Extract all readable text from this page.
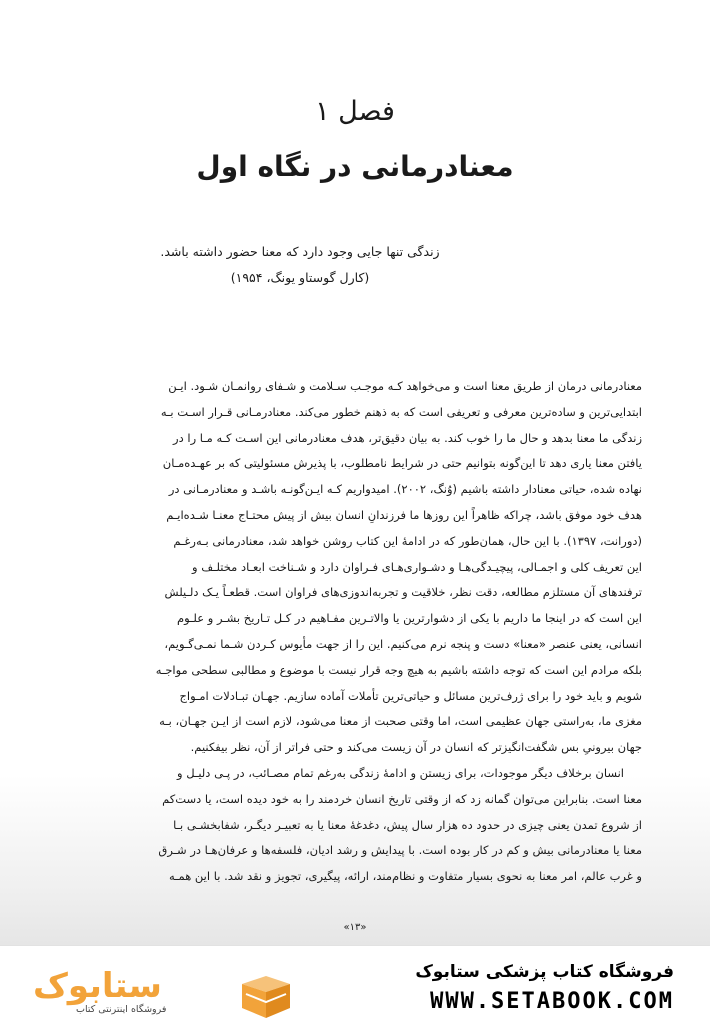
فصل ۱
معنادرمانی در نگاه اول
زندگی تنها جایی وجود دارد که معنا حضور داشته باشد.
(کارل گوستاو یونگ، ۱۹۵۴)
معنادرمانی درمان از طریق معنا است و می‌خواهد کـه موجـب سـلامت و شـفای روانمـان شـود. ایـن
ابتدایی‌ترین و ساده‌ترین معرفی و تعریفی است که به ذهنم خطور می‌کند. معنادرمـانی قـرار اسـت بـه
زندگی ما معنا بدهد و حال ما را خوب کند. به بیان دقیق‌تر، هدف معنادرمانی این اسـت کـه مـا را در
یافتن معنا یاری دهد تا این‌گونه بتوانیم حتی در شرایط نامطلوب، با پذیرش مسئولیتی که بر عهـده‌مـان
نهاده شده، حیاتی معنادار داشته باشیم (وُنگ، ۲۰۰۲). امیدواریم کـه ایـن‌گونـه باشـد و معنادرمـانی در
هدف خود موفق باشد، چراکه ظاهراً این روزها ما فرزندانِ انسان بیش از پیش محتـاج معنـا شـده‌ایـم
(دورانت، ۱۳۹۷). با این حال، همان‌طور که در ادامهٔ این کتاب روشن خواهد شد، معنادرمانی بـه‌رغـم
این تعریف کلی و اجمـالی، پیچیـدگی‌هـا و دشـواری‌هـای فـراوان دارد و شـناخت ابعـاد مختلـف و
ترفندهای آن مستلزم مطالعه، دقت نظر، خلاقیت و تجربه‌اندوزی‌های فراوان است. قطعـاً یـک دلـیلش
این است که در اینجا ما داریم با یکی از دشوارترین یا والاتـرین مفـاهیم در کـل تـاریخ بشـر و علـوم
انسانی، یعنی عنصر «معنا» دست و پنجه نرم می‌کنیم. این را از جهت مأیوس کـردن شـما نمـی‌گـویم،
بلکه مرادم این است که توجه داشته باشیم به هیچ وجه قرار نیست با موضوع و مطالبی سطحی مواجـه
شویم و باید خود را برای ژرف‌ترین مسائل و حیاتی‌ترین تأملات آماده سازیم. جهـان تبـادلات امـواج
مغزی ما، به‌راستی جهان عظیمی است، اما وقتی صحبت از معنا می‌شود، لازم است از ایـن جهـان، بـه
جهان بیرونیِ بس شگفت‌انگیزتر که انسان در آن زیست می‌کند و حتی فراتر از آن، نظر بیفکنیم.
انسان برخلاف دیگر موجودات، برای زیستن و ادامهٔ زندگی به‌رغم تمام مصـائب، در پـی دلیـل و
معنا است. بنابراین می‌توان گمانه زد که از وقتی تاریخ انسان خردمند را به خود دیده است، یا دست‌کم
از شروع تمدن یعنی چیزی در حدود ده هزار سال پیش، دغدغهٔ معنا یا به تعبیـر دیگـر، شفابخشـی بـا
معنا یا معنادرمانی بیش و کم در کار بوده است. با پیدایش و رشد ادیان، فلسفه‌ها و عرفان‌هـا در شـرق
و غرب عالم، امر معنا به نحوی بسیار متفاوت و نظام‌مند، ارائه، پیگیری، تجویز و نقد شد. با این همـه
«۱۳»
ستابوک
فروشگاه اینترنتی کتاب
فروشگاه کتاب پزشکی ستابوک
WWW.SETABOOK.COM
